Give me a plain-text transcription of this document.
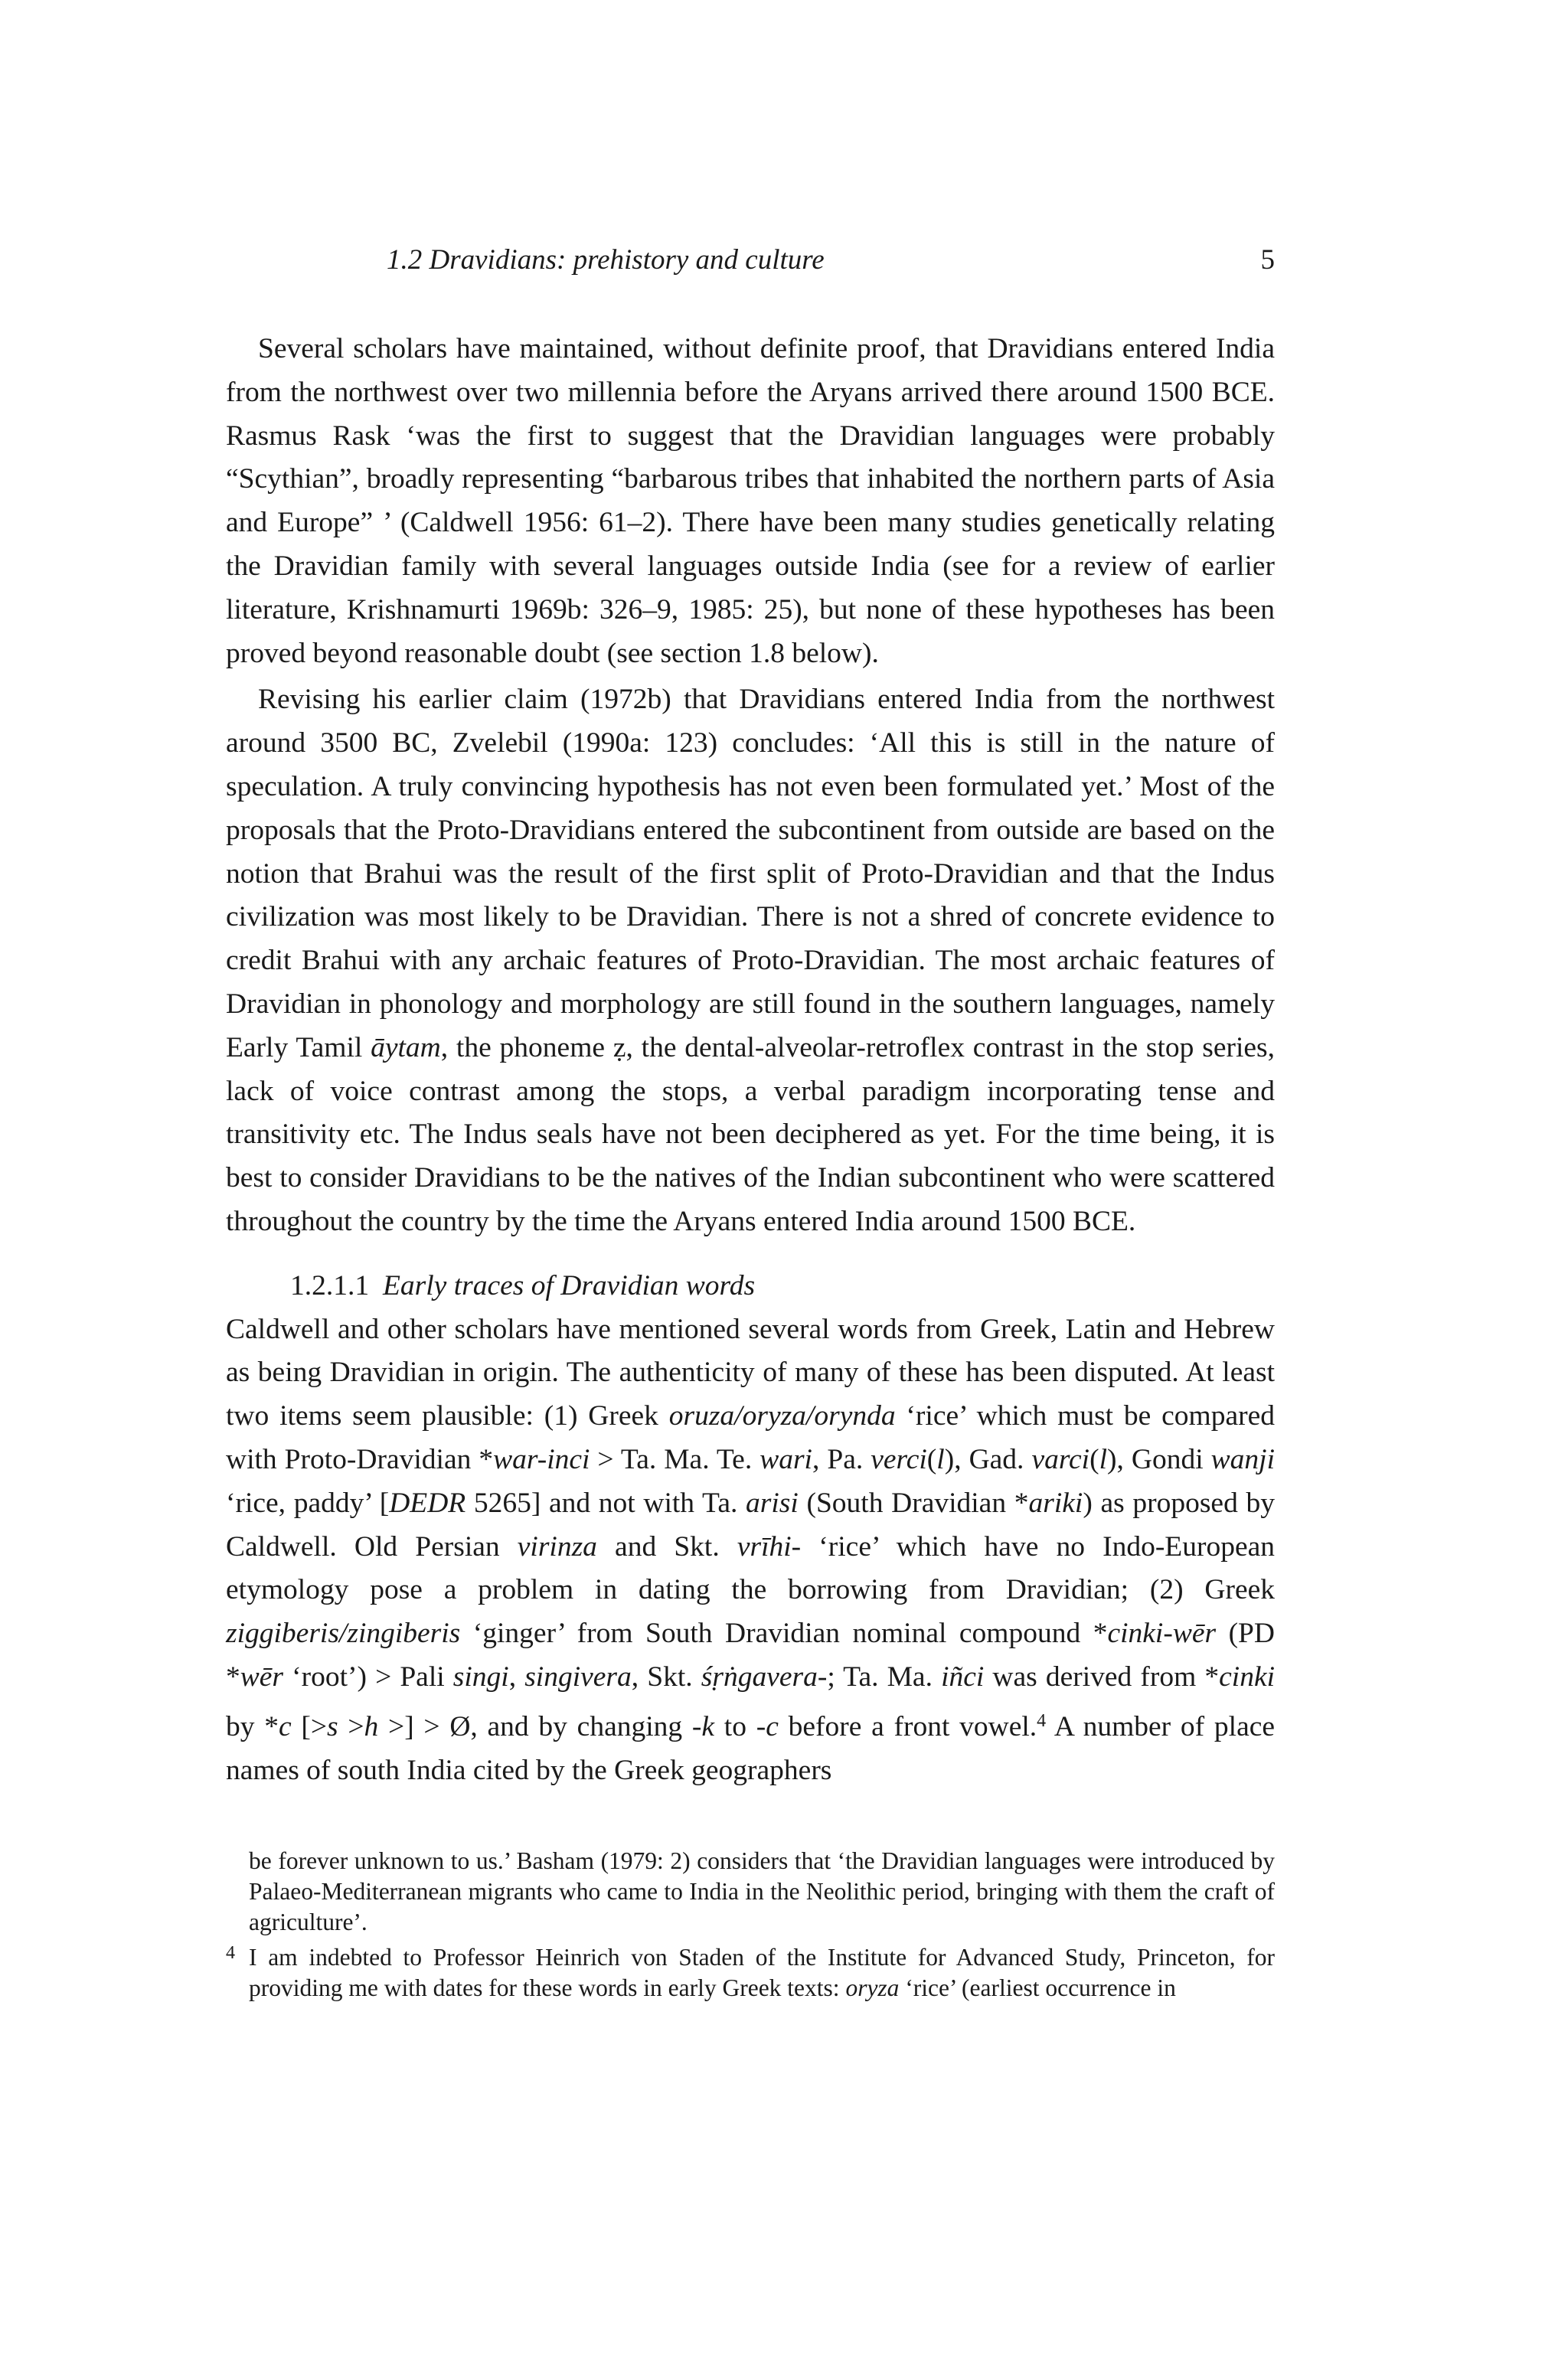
1.2 Dravidians: prehistory and culture	5

Several scholars have maintained, without definite proof, that Dravidians entered India from the northwest over two millennia before the Aryans arrived there around 1500 BCE. Rasmus Rask ‘was the first to suggest that the Dravidian languages were probably “Scythian”, broadly representing “barbarous tribes that inhabited the northern parts of Asia and Europe” ’ (Caldwell 1956: 61–2). There have been many studies genetically relating the Dravidian family with several languages outside India (see for a review of earlier literature, Krishnamurti 1969b: 326–9, 1985: 25), but none of these hypotheses has been proved beyond reasonable doubt (see section 1.8 below).

Revising his earlier claim (1972b) that Dravidians entered India from the northwest around 3500 BC, Zvelebil (1990a: 123) concludes: ‘All this is still in the nature of speculation. A truly convincing hypothesis has not even been formulated yet.’ Most of the proposals that the Proto-Dravidians entered the subcontinent from outside are based on the notion that Brahui was the result of the first split of Proto-Dravidian and that the Indus civilization was most likely to be Dravidian. There is not a shred of concrete evidence to credit Brahui with any archaic features of Proto-Dravidian. The most archaic features of Dravidian in phonology and morphology are still found in the southern languages, namely Early Tamil āytam, the phoneme ẓ, the dental-alveolar-retroflex contrast in the stop series, lack of voice contrast among the stops, a verbal paradigm incorporating tense and transitivity etc. The Indus seals have not been deciphered as yet. For the time being, it is best to consider Dravidians to be the natives of the Indian subcontinent who were scattered throughout the country by the time the Aryans entered India around 1500 BCE.

1.2.1.1 Early traces of Dravidian words

Caldwell and other scholars have mentioned several words from Greek, Latin and Hebrew as being Dravidian in origin. The authenticity of many of these has been disputed. At least two items seem plausible: (1) Greek oruza/oryza/orynda ‘rice’ which must be compared with Proto-Dravidian *war-inci > Ta. Ma. Te. wari, Pa. verci(l), Gad. varci(l), Gondi wanji ‘rice, paddy’ [DEDR 5265] and not with Ta. arisi (South Dravidian *ariki) as proposed by Caldwell. Old Persian virinza and Skt. vrīhi- ‘rice’ which have no Indo-European etymology pose a problem in dating the borrowing from Dravidian; (2) Greek ziggiberis/zingiberis ‘ginger’ from South Dravidian nominal compound *cinki-wēr (PD *wēr ‘root’) > Pali singi, singivera, Skt. śṛṅgavera-; Ta. Ma. iñci was derived from *cinki by *c [>s >h >] > Ø, and by changing -k to -c before a front vowel.$^4$ A number of place names of south India cited by the Greek geographers

be forever unknown to us.’ Basham (1979: 2) considers that ‘the Dravidian languages were introduced by Palaeo-Mediterranean migrants who came to India in the Neolithic period, bringing with them the craft of agriculture’.

4 I am indebted to Professor Heinrich von Staden of the Institute for Advanced Study, Princeton, for providing me with dates for these words in early Greek texts: oryza ‘rice’ (earliest occurrence in
